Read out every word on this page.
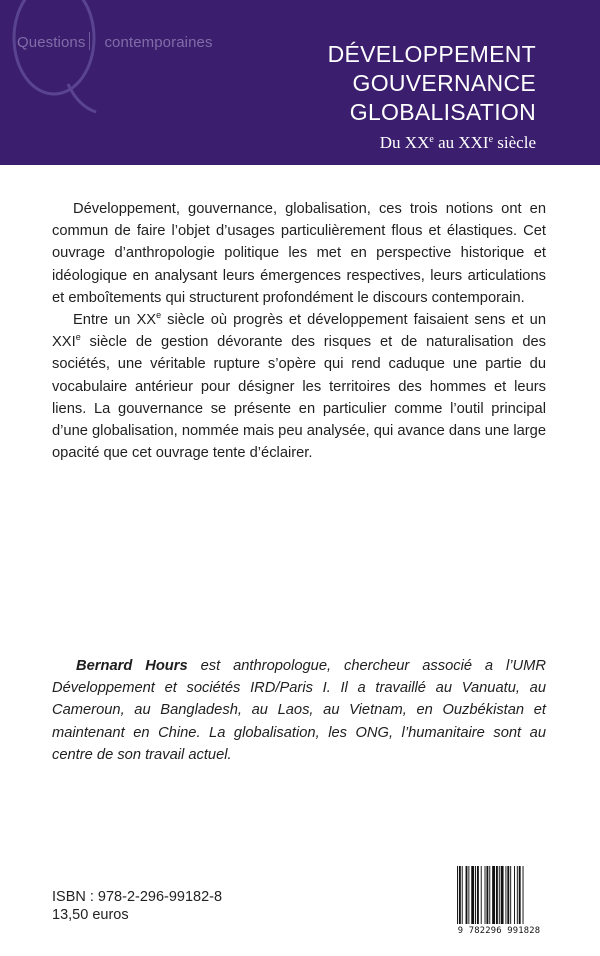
Questions contemporaines	DÉVELOPPEMENT
GOUVERNANCE
GLOBALISATION
Du XXe au XXIe siècle

Développement, gouvernance, globalisation, ces trois notions ont en commun de faire l’objet d’usages particulièrement flous et élastiques. Cet ouvrage d’anthropologie politique les met en perspective historique et idéologique en analysant leurs émergences respectives, leurs articulations et emboîtements qui structurent profondément le discours contemporain.

Entre un XXe siècle où progrès et développement faisaient sens et un XXIe siècle de gestion dévorante des risques et de naturalisation des sociétés, une véritable rupture s’opère qui rend caduque une partie du vocabulaire antérieur pour désigner les territoires des hommes et leurs liens. La gouvernance se présente en particulier comme l’outil principal d’une globalisation, nommée mais peu analysée, qui avance dans une large opacité que cet ouvrage tente d’éclairer.

Bernard Hours est anthropologue, chercheur associé a l’UMR Développement et sociétés IRD/Paris I. Il a travaillé au Vanuatu, au Cameroun, au Bangladesh, au Laos, au Vietnam, en Ouzbékistan et maintenant en Chine. La globalisation, les ONG, l’humanitaire sont au centre de son travail actuel.

ISBN : 978-2-296-99182-8
13,50 euros
9 782296 991828
